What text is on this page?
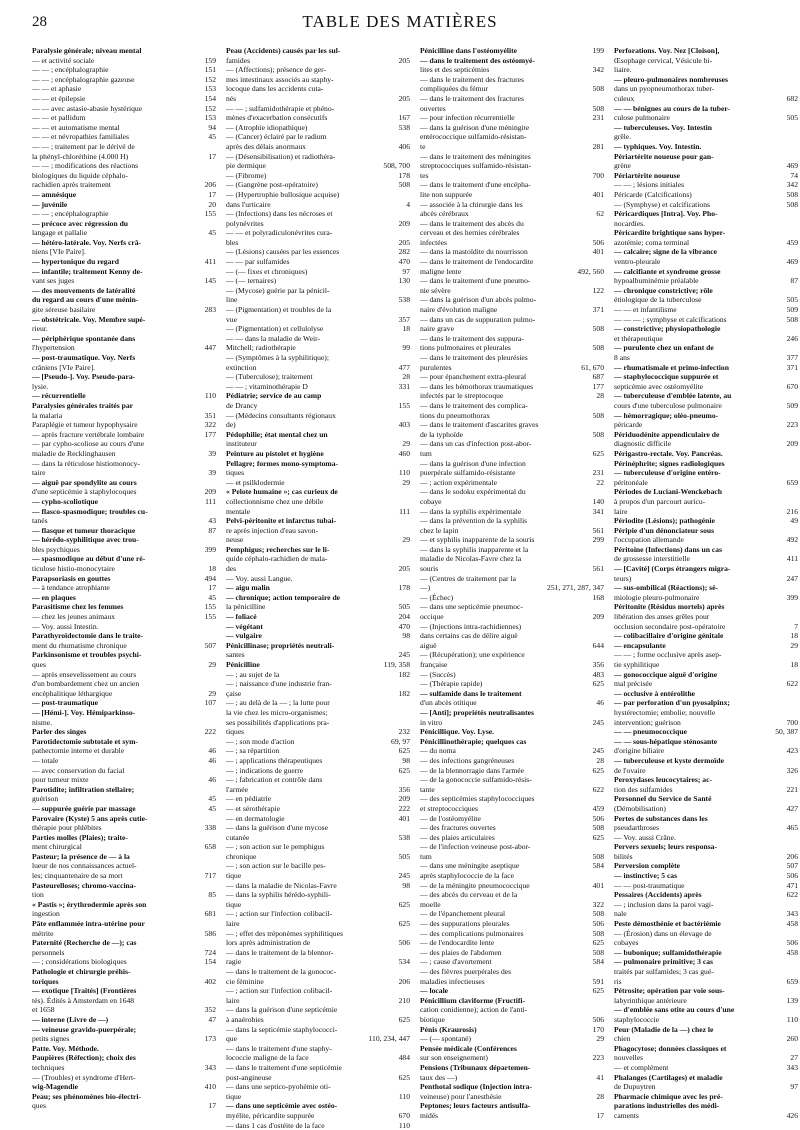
28	TABLE DES MATIÈRES
Paralysie générale; niveau mental
— et activité sociale	159
— — ; encéphalographie	151
— — ; encéphalographie gazeuse	152
— — et aphasie	153
— — et épilepsie	154
— — avec astasie-abasie hystérique	152
— — et pallidum	153
— — et automatisme mental	94
— — et névropathies familiales	45
— — ; traitement par le dérivé de
la phényl-chloréthine (4.000 H)	17
— — ; modifications des réactions
biologiques du liquide céphalo-
rachidien après traitement	206
— amnésique	17
— juvénile	20
— — ; encéphalographie	155
— précoce avec régression du
langage et pallalie	45
— hétéro-latérale. Voy. Nerfs crâ-
niens [VIe Paire].
— hypertonique du regard	411
— infantile; traitement Kenny de-
vant ses juges	145
— des mouvements de latéralité
du regard au cours d'une ménin-
gite séreuse basilaire	283
— obstétricale. Voy. Membre supé-
rieur.
— périphérique spontanée dans
l'hypertension	447
— post-traumatique. Voy. Nerfs
crâniens [VIe Paire].
— [Pseudo-]. Voy. Pseudo-para-
lysie.
— récurrentielle	110
Paralysies générales traités par
la malaria	351
Paraplégie et tumeur hypophysaire	322
— après fracture vertébrale lombaire	177
— par cypho-scoliose au cours d'une
maladie de Recklinghausen	39
— dans la réticulose histiomonocy-
taire	39
— aiguë par spondylite au cours
d'une septicémie à staphylocoques	209
— cypho-scoliotique	111
— flasco-spasmodique; troubles cu-
tanés	43
— flasque et tumeur thoracique	87
— hérédo-syphilitique avec trou-
bles psychiques	399
— spasmodique au début d'une ré-
ticulose histio-monocytaire	18
Parapsoriasis en gouttes	494
— à tendance atrophiante	17
— en plaques	45
Parasitisme chez les femmes	155
— chez les jeunes animaux	155
— Voy. aussi Intestin.
Parathyroïdectomie dans le traite-
ment du rhumatisme chronique	507
Parkinsonisme et troubles psychi-
ques	29
— après ensevelissement au cours
d'un bombardement chez un ancien
encéphalitique léthargique	29
— post-traumatique	107
— [Hémi-]. Voy. Hémiparkinso-
nisme.
Parler des singes	222
Parotidectomie subtotale et sym-
pathectomie interne et durable	46
— totale	46
— avec conservation du facial
pour tumeur mixte	46
Parotidite; infiltration stellaire;
guérison	45
— suppurée guérie par massage	45
Parovaire (Kyste) 5 ans après cutie-
thérapie pour phlébites	338
Parties molles (Plaies); traite-
ment chirurgical	658
Pasteur; la présence de — à la
lueur de nos connaissances actuel-
les; cinquantenaire de sa mort	717
Pasteurelloses; chromo-vaccina-
tion	85
« Pastis »; érythrodermie après son
ingestion	681
Pâte enflammée intra-utérine pour
métrite	586
Paternité (Recherche de —); cas
personnels	724
— ; considérations biologiques	154
Pathologie et chirurgie préhis-
toriques	402
— exotique [Traités] (Frontières
tés). Édités à Amsterdam en 1648
et 1658	352
— interne (Livre de —)	47
— veineuse gravido-puerpérale;
petits signes	173
Patte. Voy. Méthode.
Paupières (Réfection); choix des
techniques	343
— (Troubles) et syndrome d'Hert-
wig-Magendie	410
Peau; ses phénomènes bio-électri-
ques	17
Peau (Accidents) causés par les sul-
famides	205
— (Affections); présence de ger-
mes intestinaux associés au staphy-
locoque dans les accidents cuta-
nés	205
— — ; sulfamidothérapie et phéno-
mènes d'exacerbation consécutifs	167
— (Atrophie idiopathique)	538
— (Cancer) éclairé par le radium
après des délais anormaux	406
— (Désensibilisation) et radiothéra-
pie dermique	508, 700
— (Fibrome)	178
— (Gangrène post-opératoire)	508
— (Hypertrophie bullosique acquise)
dans l'urticaire	4
— (Infections) dans les nécroses et
polynévrites	209
— — et polyradiculonévrites cura-
bles	205
— (Lésions) causées par les essences	282
— — par sulfamides	470
— (— fixes et chroniques)	97
— (— ternaires)	130
— (Mycose) guérie par la pénicil-
line	538
— (Pigmentation) et troubles de la
vue	357
— (Pigmentation) et cellulolyse	18
— — dans la maladie de Weir-
Mitchell; radiothérapie	99
— (Symptômes à la syphilitique);
extinction	477
— (Tuberculose); traitement	28
— — ; vitaminothérapie D	331
Pédiatrie; service de au camp
de Drancy	155
— (Médecins consultants régionaux
de)	403
Pédophilie; état mental chez un
instituteur	29
Peinture au pistolet et hygiène	460
Pellagre; formes mono-symptoma-
tiques	110
— et psilklodermie	29
« Pelote humaine »; cas curieux de
collectionnisme chez une débile
mentale	111
Pelvi-péritonite et infarctus tubai-
re après injection d'eau savon-
neuse	29
Pemphigus; recherches sur le li-
quide céphalo-rachidien de mala-
des	205
— Voy. aussi Langue.
— aigu malin	178
— chronique; action temporaire de
la pénicilline	505
— foliacé	204
— végétant	470
— vulgaire	98
Pénicillinase; propriétés neutrali-
santes	245
Pénicilline	119, 358
— ; au sujet de la	182
— ; naissance d'une industrie fran-
çaise	182
— ; au delà de la — ; la lutte pour
la vie chez les micro-organismes;
ses possibilités d'applications pra-
tiques	232
— ; son mode d'action	69, 97
— ; sa répartition	625
— ; applications thérapeutiques	98
— ; indications de guerre	625
— ; fabrication et contrôle dans
l'armée	356
— en pédiatrie	209
— et sérothérapie	222
— en dermatologie	401
— dans la guérison d'une mycose
cutanée	538
— ; son action sur le pemphigus
chronique	505
— ; son action sur le bacille pes-
tique	245
— dans la maladie de Nicolas-Favre	98
— dans la syphilis hérédo-syphili-
tique	625
— ; action sur l'infection colibacil-
laire	625
— ; effet des tréponèmes syphilitiques
lors après administration de	506
— dans le traitement de la blennor-
ragie	534
— dans le traitement de la gonococ-
cie féminine	206
— ; action sur l'infection colibacil-
laire	210
— dans la guérison d'une septicémie
à anaérobies	625
— dans la septicémie staphylococci-
que	110, 234, 447
— dans le traitement d'une staphy-
lococcie maligne de la face	484
— dans le traitement d'une septicémie
post-angineuse	625
— dans une septico-pyohémie oti-
tique	110
— dans une septicémie avec ostéo-
myélite, péricardite suppurée	670
— dans 1 cas d'ostéite de la face	110
Pénicilline dans l'ostéomyélite	199
— dans le traitement des ostéomyé-
lites et des septicémies	342
— dans le traitement des fractures
compliquées du fémur	508
— dans le traitement des fractures
ouvertes	508
— pour infection récurrentielle	231
— dans la guérison d'une méningite
entérococcique sulfamido-résistan-
te	281
— dans le traitement des méningites
streptococciques sulfamido-résistan-
tes	700
— dans le traitement d'une encépha-
lite non suppurée	401
— associée à la chirurgie dans les
abcès cérébraux	62
— dans le traitement des abcès du
cerveau et des hernies cérébrales
infectées	506
— dans la mastoïdite du nourrisson	401
— dans le traitement de l'endocardite
maligne lente	492, 560
— dans le traitement d'une pneumo-
nie sévère	122
— dans la guérison d'un abcès pulmo-
naire d'évolution maligne	371
— dans un cas de suppuration pulmo-
naire grave	508
— dans le traitement des suppura-
tions pulmonaires et pleurales	508
— dans le traitement des pleurésies
purulentes	61, 670
— pour épanchement extra-pleural	687
— dans les hémothorax traumatiques	177
infectés par le streptocoque	28
— dans le traitement des complica-
tions du pneumothorax	508
— dans le traitement d'ascarites graves
de la typhoïde	508
— dans un cas d'infection post-abor-
tum	625
— dans la guérison d'une infection
puerpérale sulfamido-résistante	231
— ; action expérimentale	22
— dans le sodoku expérimental du
cobaye	140
— dans la syphilis expérimentale	341
— dans la prévention de la syphilis
chez le lapin	561
— et syphilis inapparente de la souris	299
— dans la syphilis inapparente et la
maladie de Nicolas-Favre chez la
souris	561
— (Centres de traitement par la
—)	251, 271, 287, 347
— (Échec)	168
— dans une septicémie pneumoc-
occique	209
— (Injections intra-rachidiennes)
dans certains cas de délire aiguë
aiguë	644
— (Récupération); une expérience
française	356
— (Succès)	483
— (Thérapie rapide)	625
— sulfamide dans le traitement
d'un abcès otitique	46
— [Anti]; propriétés neutralisantes
in vitro	245
Pénicillique. Voy. Lyse.
Pénicillinothérapie; quelques cas
— du noma	245
— des infections gangréneuses	28
— de la blennorragie dans l'armée	625
— de la gonococcie sulfamido-résis-
tante	622
— des septicémies staphylococciques
et streptococciques	459
— de l'ostéomyélite	506
— des fractures ouvertes	508
— des plaies articulaires	625
— de l'infection veineuse post-abor-
tum	508
— dans une méningite aseptique	584
après staphylococcie de la face
— de la méningite pneumococcique	401
— des abcès du cerveau et de la
moelle	322
— de l'épanchement pleural	508
— des suppurations pleurales	506
— des complications pulmonaires	508
— de l'endocardite lente	625
— des plaies de l'abdomen	508
— ; cause d'avortement	584
— des fièvres puerpérales des
maladies infectieuses	591
— locale	625
Pénicillium claviforme (Fructifi-
cation conidienne); action de l'anti-
biotique	506
Pénis (Kraurosis)	170
— (— spontané)	29
Pensée médicale (Conférences
sur son enseignement)	223
Pensions (Tribunaux départemen-
taux des —)	41
Penthotal sodique (Injection intra-
veineuse) pour l'anesthésie	28
Peptones; leurs facteurs antisulfa-
midés	17
Perforations. Voy. Nez [Cloison],
Œsophage cervical, Vésicule bi-
liaire.
— pleuro-pulmonaires nombreuses
dans un pyopneumothorax tuber-
culeux	682
— — bénignes au cours de la tuber-
culose pulmonaire	505
— tuberculeuses. Voy. Intestin
grêle.
— typhiques. Voy. Intestin.
Périartérite noueuse pour gan-
grène	469
Périartérite noueuse	74
— — ; lésions initiales	342
Péricarde (Calcifications)	508
— (Symphyse) et calcifications	508
Péricardiques [Intra]. Voy. Pho-
nocardies.
Péricardite brightique sans hyper-
azotémie; coma terminal	459
— calcaire; signe de la vibrance
ventro-pleurale	469
— calcifiante et syndrome grosse
hypoalbuminémie préalable	87
— chronique constrictive; rôle
étiologique de la tuberculose	505
— — et infantilisme	509
— — — ; symphyse et calcifications	508
— constrictive; physiopathologie
et thérapeutique	246
— purulente chez un enfant de
8 ans	377
— rhumatismale et primo-infection	371
— staphylococcique suppurée et
septicémie avec ostéomyélite	670
— tuberculeuse d'emblée latente, au
cours d'une tuberculose pulmonaire	509
— hémorragique; oléo-pneumo-
péricarde	223
Périduodénite appendiculaire de
diagnostic difficile	209
Périgastro-rectale. Voy. Pancréas.
Périnéphrite; signes radiologiques
— tuberculeuse d'origine entéro-
péritonéale	659
Périodes de Luciani-Wenckebach
à propos d'un parcourt auricu-
laire	216
Périodite (Lésions); pathogénie	49
Péripie d'un dénonciateur sous
l'occupation allemande	492
Péritoine (Infections) dans un cas
de grossesse interstitielle	411
— [Cavité] (Corps étrangers migra-
teurs)	247
— sus-ombilical (Réactions); sé-
miologie pleuro-pulmonaire	399
Péritonite (Résidus mortels) après
libération des anses grêles pour
occlusion secondaire post-opératoire	7
— colibacillaire d'origine génitale	18
— encapsulante	29
— — ; forme occlusive après asep-
tie syphilitique	18
— gonococcique aiguë d'origine
mal précisée	622
— occlusive à entérolithe
— par perforation d'un pyosalpinx;
hystérectomie; embolie; nouvelle
intervention; guérison	700
— — pneumococcique	50, 387
— — sous-hépatique sténosante
d'origine biliaire	423
— tuberculeuse et kyste dermoïde
de l'ovaire	326
Peroxydases leucocytaires; ac-
tion des sulfamides	221
Personnel du Service de Santé
(Démobilisation)	427
Pertes de substances dans les
pseudarthroses	465
— Voy. aussi Crâne.
Pervers sexuels; leurs responsa-
bilités	206
Perversion complète	507
— instinctive; 5 cas	506
— — post-traumatique	471
Pessaires (Accidents) après	622
— ; inclusion dans la paroi vagi-
nale	343
Peste démosthénie et bactériémie	458
— (Érosion) dans un élevage de
cobayes	506
— bubonique; sulfamidothérapie	458
— pulmonaire primitive; 3 cas
traités par sulfamides; 3 cas gué-
ris	659
Pétrosite; opération par voie sous-
labyrinthique antérieure	139
— d'emblée sans otite au cours d'une
staphylococcie	110
Peur (Maladie de la —) chez le
chien	260
Phagocytose; données classiques et
nouvelles	27
— et complément	343
Phalanges (Cartilages) et maladie
de Dupuytren	97
Pharmacie chimique avec les pré-
parations industrielles des médi-
caments	426
